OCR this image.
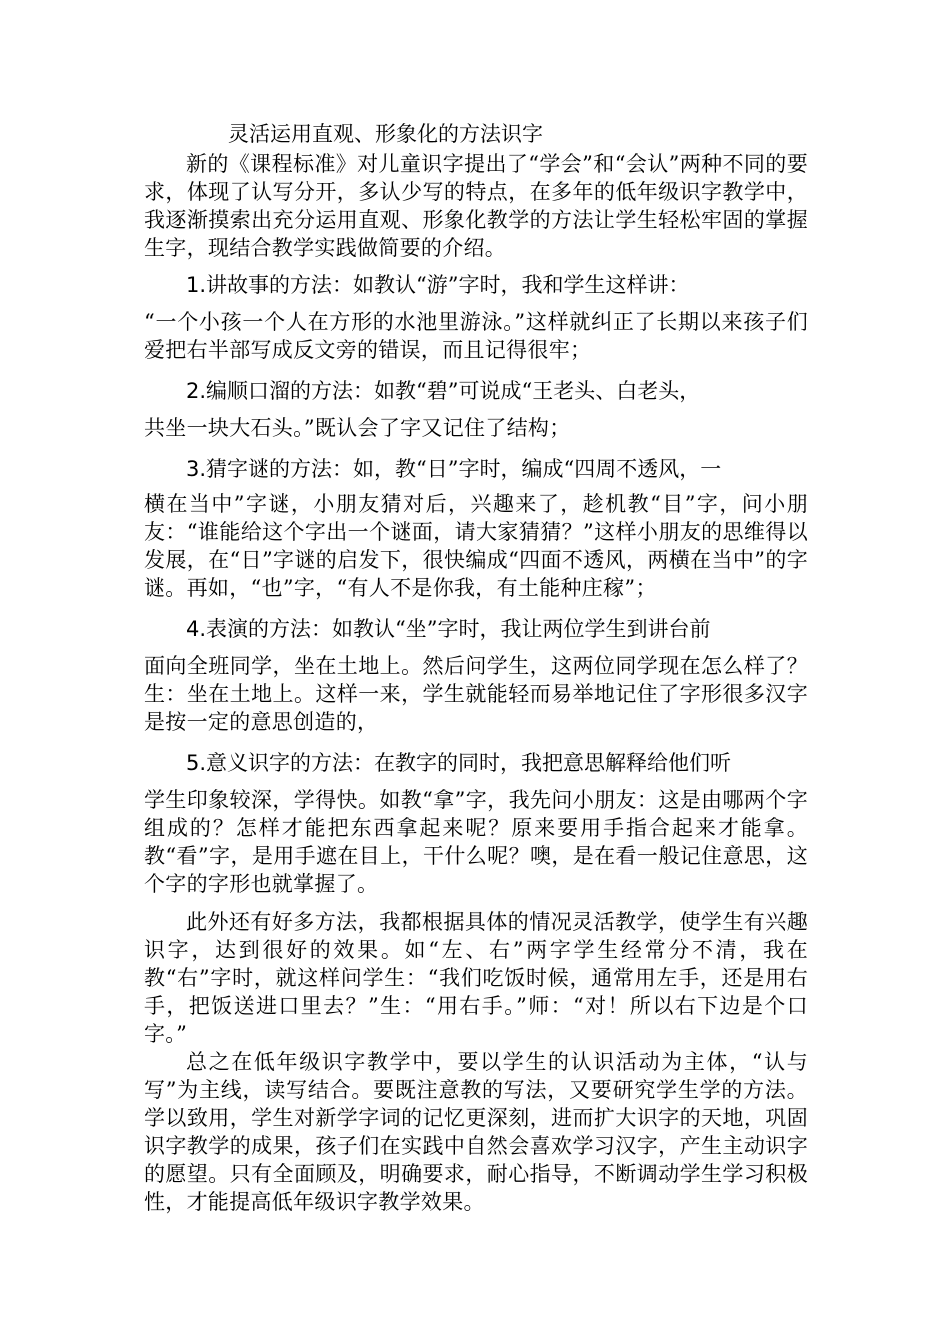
灵活运用直观、形象化的方法识字

新的《课程标准》对儿童识字提出了“学会”和“会认”两种不同的要求，体现了认写分开，多认少写的特点，在多年的低年级识字教学中，我逐渐摸索出充分运用直观、形象化教学的方法让学生轻松牢固的掌握生字，现结合教学实践做简要的介绍。

1.讲故事的方法：如教认“游”字时，我和学生这样讲：

“一个小孩一个人在方形的水池里游泳。”这样就纠正了长期以来孩子们爱把右半部写成反文旁的错误，而且记得很牢；

2.编顺口溜的方法：如教“碧”可说成“王老头、白老头，

共坐一块大石头。”既认会了字又记住了结构；

3.猜字谜的方法：如，教“日”字时，编成“四周不透风，一

横在当中”字谜，小朋友猜对后，兴趣来了，趁机教“目”字，问小朋友：“谁能给这个字出一个谜面，请大家猜猜？”这样小朋友的思维得以发展，在“日”字谜的启发下，很快编成“四面不透风，两横在当中”的字谜。再如，“也”字，“有人不是你我，有土能种庄稼”；

4.表演的方法：如教认“坐”字时，我让两位学生到讲台前

面向全班同学，坐在土地上。然后问学生，这两位同学现在怎么样了？生：坐在土地上。这样一来，学生就能轻而易举地记住了字形很多汉字是按一定的意思创造的，

5.意义识字的方法：在教字的同时，我把意思解释给他们听

学生印象较深，学得快。如教“拿”字，我先问小朋友：这是由哪两个字组成的？怎样才能把东西拿起来呢？原来要用手指合起来才能拿。教“看”字，是用手遮在目上，干什么呢？噢，是在看一般记住意思，这个字的字形也就掌握了。

此外还有好多方法，我都根据具体的情况灵活教学，使学生有兴趣识字，达到很好的效果。如“左、右”两字学生经常分不清，我在教“右”字时，就这样问学生：“我们吃饭时候，通常用左手，还是用右手，把饭送进口里去？”生：“用右手。”师：“对！所以右下边是个口字。”

总之在低年级识字教学中，要以学生的认识活动为主体，“认与写”为主线，读写结合。要既注意教的写法，又要研究学生学的方法。学以致用，学生对新学字词的记忆更深刻，进而扩大识字的天地，巩固识字教学的成果，孩子们在实践中自然会喜欢学习汉字，产生主动识字的愿望。只有全面顾及，明确要求，耐心指导，不断调动学生学习积极性，才能提高低年级识字教学效果。
